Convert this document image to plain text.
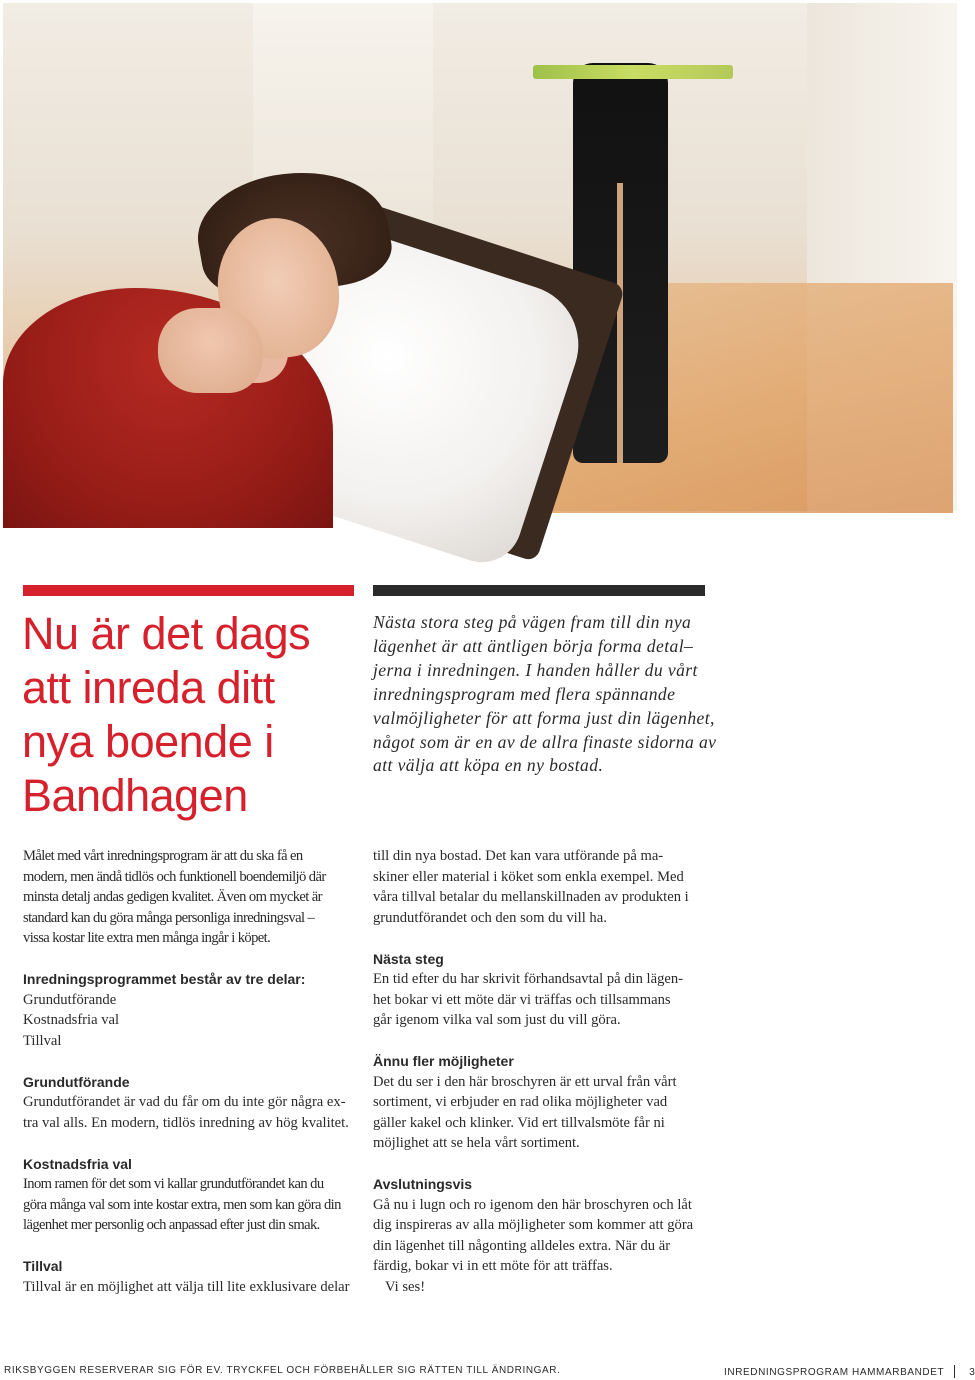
Nu är det dags
att inreda ditt
nya boende i
Bandhagen
Nästa stora steg på vägen fram till din nya
lägenhet är att äntligen börja forma detal–
jerna i inredningen. I handen håller du vårt
inredningsprogram med flera spännande
valmöjligheter för att forma just din lägenhet,
något som är en av de allra finaste sidorna av
att välja att köpa en ny bostad.
Målet med vårt inredningsprogram är att du ska få en
modern, men ändå tidlös och funktionell boendemiljö där
minsta detalj andas gedigen kvalitet. Även om mycket är
standard kan du göra många personliga inredningsval –
vissa kostar lite extra men många ingår i köpet.
Inredningsprogrammet består av tre delar:
Grundutförande
Kostnadsfria val
Tillval
Grundutförande
Grundutförandet är vad du får om du inte gör några ex-
tra val alls. En modern, tidlös inredning av hög kvalitet.
Kostnadsfria val
Inom ramen för det som vi kallar grundutförandet kan du
göra många val som inte kostar extra, men som kan göra din
lägenhet mer personlig och anpassad efter just din smak.
Tillval
Tillval är en möjlighet att välja till lite exklusivare delar
till din nya bostad. Det kan vara utförande på ma-
skiner eller material i köket som enkla exempel. Med
våra tillval betalar du mellanskillnaden av produkten i
grundutförandet och den som du vill ha.
Nästa steg
En tid efter du har skrivit förhandsavtal på din lägen-
het bokar vi ett möte där vi träffas och tillsammans
går igenom vilka val som just du vill göra.
Ännu fler möjligheter
Det du ser i den här broschyren är ett urval från vårt
sortiment, vi erbjuder en rad olika möjligheter vad
gäller kakel och klinker. Vid ert tillvalsmöte får ni
möjlighet att se hela vårt sortiment.
Avslutningsvis
Gå nu i lugn och ro igenom den här broschyren och låt
dig inspireras av alla möjligheter som kommer att göra
din lägenhet till någonting alldeles extra. När du är
färdig, bokar vi in ett möte för att träffas.
Vi ses!
RIKSBYGGEN RESERVERAR SIG FÖR EV. TRYCKFEL OCH FÖRBEHÅLLER SIG RÄTTEN TILL ÄNDRINGAR.	INREDNINGSPROGRAM HAMMARBANDET	3
